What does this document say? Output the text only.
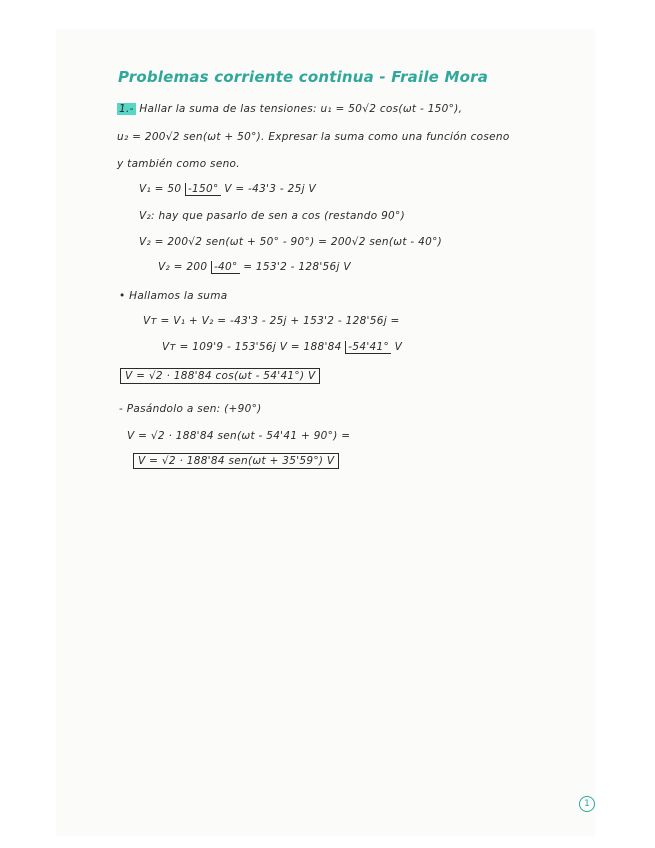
Problemas corriente continua - Fraile Mora
1.- Hallar la suma de las tensiones: u₁ = 50√2 cos(ωt - 150°),
u₂ = 200√2 sen(ωt + 50°). Expresar la suma como una función coseno
y también como seno.
V₁ = 50 -150° V = -43'3 - 25j V
V₂: hay que pasarlo de sen a cos (restando 90°)
V₂ = 200√2 sen(ωt + 50° - 90°) = 200√2 sen(ωt - 40°)
V₂ = 200 -40° = 153'2 - 128'56j V
• Hallamos la suma
Vᴛ = V₁ + V₂ = -43'3 - 25j + 153'2 - 128'56j =
Vᴛ = 109'9 - 153'56j V = 188'84 -54'41° V
V = √2 · 188'84 cos(ωt - 54'41°) V
- Pasándolo a sen: (+90°)
V = √2 · 188'84 sen(ωt - 54'41 + 90°) =
V = √2 · 188'84 sen(ωt + 35'59°) V
1
